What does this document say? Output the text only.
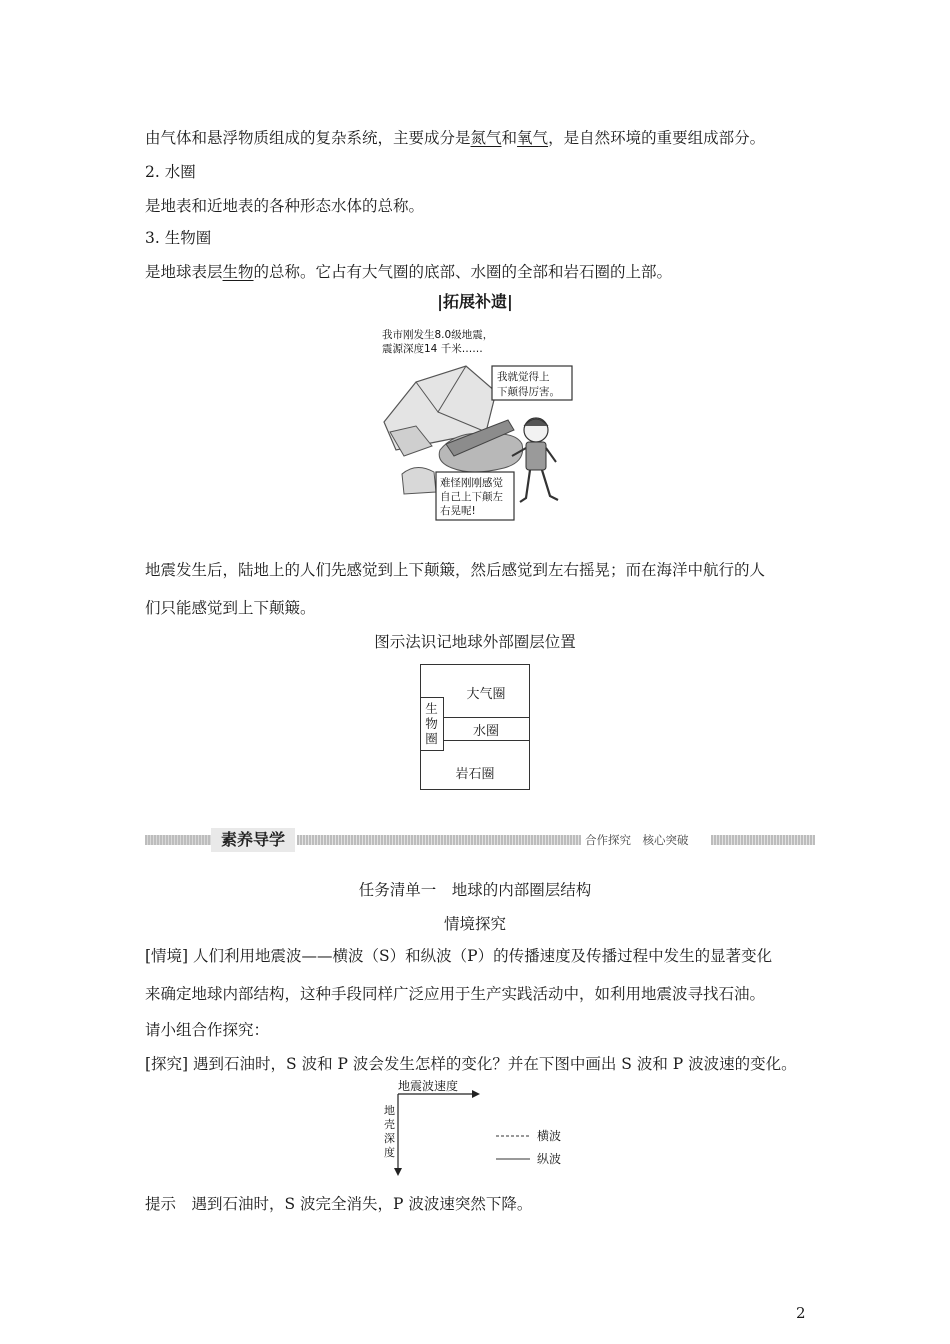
由气体和悬浮物质组成的复杂系统，主要成分是氮气和氧气，是自然环境的重要组成部分。
2. 水圈
是地表和近地表的各种形态水体的总称。
3. 生物圈
是地球表层生物的总称。它占有大气圈的底部、水圈的全部和岩石圈的上部。
|拓展补遗|
我市刚发生8.0级地震，
震源深度14 千米……
我就觉得上
下颠得厉害。
难怪刚刚感觉
自己上下颠左
右晃呢!
地震发生后，陆地上的人们先感觉到上下颠簸，然后感觉到左右摇晃；而在海洋中航行的人
们只能感觉到上下颠簸。
图示法识记地球外部圈层位置
生
物
圈
大气圈
水圈
岩石圈
素养导学	合作探究　核心突破
任务清单一　地球的内部圈层结构
情境探究
[情境] 人们利用地震波——横波（S）和纵波（P）的传播速度及传播过程中发生的显著变化
来确定地球内部结构，这种手段同样广泛应用于生产实践活动中，如利用地震波寻找石油。
请小组合作探究：
[探究] 遇到石油时，S 波和 P 波会发生怎样的变化？并在下图中画出 S 波和 P 波波速的变化。
地震波速度
地
壳
深
度
横波
纵波
提示　遇到石油时，S 波完全消失，P 波波速突然下降。
2
